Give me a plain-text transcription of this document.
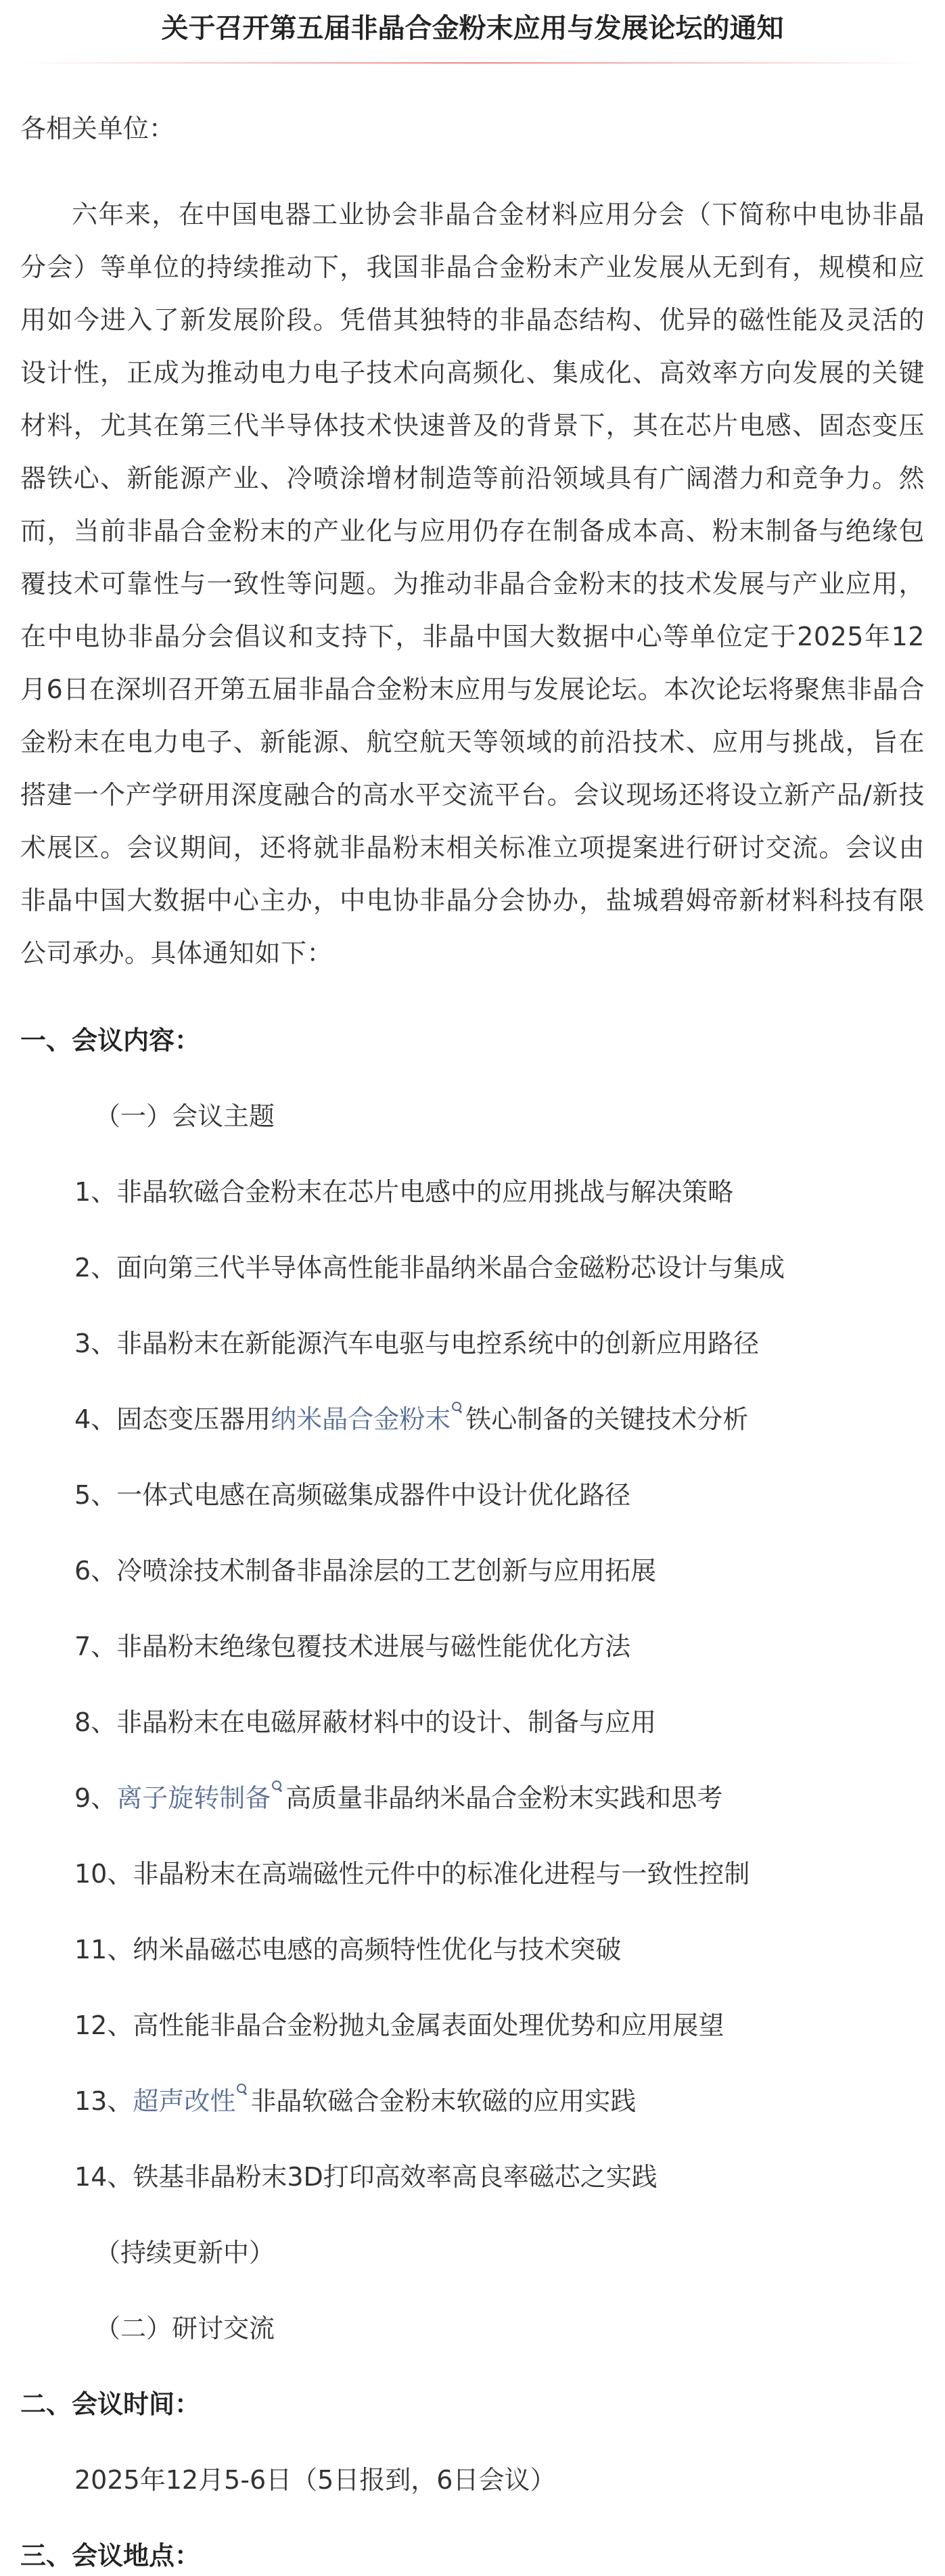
关于召开第五届非晶合金粉末应用与发展论坛的通知

各相关单位：

六年来，在中国电器工业协会非晶合金材料应用分会（下简称中电协非晶分会）等单位的持续推动下，我国非晶合金粉末产业发展从无到有，规模和应用如今进入了新发展阶段。凭借其独特的非晶态结构、优异的磁性能及灵活的设计性，正成为推动电力电子技术向高频化、集成化、高效率方向发展的关键材料，尤其在第三代半导体技术快速普及的背景下，其在芯片电感、固态变压器铁心、新能源产业、冷喷涂增材制造等前沿领域具有广阔潜力和竞争力。然而，当前非晶合金粉末的产业化与应用仍存在制备成本高、粉末制备与绝缘包覆技术可靠性与一致性等问题。为推动非晶合金粉末的技术发展与产业应用，在中电协非晶分会倡议和支持下，非晶中国大数据中心等单位定于2025年12月6日在深圳召开第五届非晶合金粉末应用与发展论坛。本次论坛将聚焦非晶合金粉末在电力电子、新能源、航空航天等领域的前沿技术、应用与挑战，旨在搭建一个产学研用深度融合的高水平交流平台。会议现场还将设立新产品/新技术展区。会议期间，还将就非晶粉末相关标准立项提案进行研讨交流。会议由非晶中国大数据中心主办，中电协非晶分会协办，盐城碧姆帝新材料科技有限公司承办。具体通知如下：

一、会议内容：
（一）会议主题
1、非晶软磁合金粉末在芯片电感中的应用挑战与解决策略
2、面向第三代半导体高性能非晶纳米晶合金磁粉芯设计与集成
3、非晶粉末在新能源汽车电驱与电控系统中的创新应用路径
4、固态变压器用纳米晶合金粉末 铁心制备的关键技术分析
5、一体式电感在高频磁集成器件中设计优化路径
6、冷喷涂技术制备非晶涂层的工艺创新与应用拓展
7、非晶粉末绝缘包覆技术进展与磁性能优化方法
8、非晶粉末在电磁屏蔽材料中的设计、制备与应用
9、离子旋转制备 高质量非晶纳米晶合金粉末实践和思考
10、非晶粉末在高端磁性元件中的标准化进程与一致性控制
11、纳米晶磁芯电感的高频特性优化与技术突破
12、高性能非晶合金粉抛丸金属表面处理优势和应用展望
13、超声改性 非晶软磁合金粉末软磁的应用实践
14、铁基非晶粉末3D打印高效率高良率磁芯之实践
（持续更新中）
（二）研讨交流
二、会议时间：
2025年12月5-6日（5日报到，6日会议）
三、会议地点：
